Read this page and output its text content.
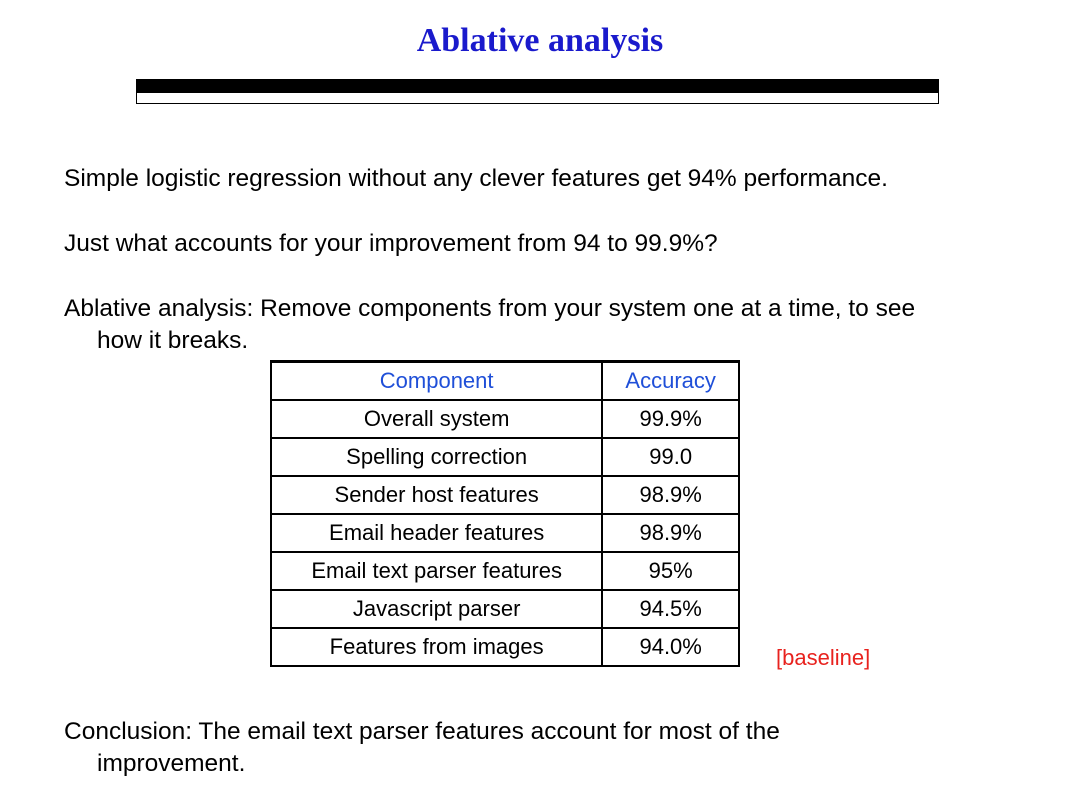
Ablative analysis

Simple logistic regression without any clever features get 94% performance.

Just what accounts for your improvement from 94 to 99.9%?

Ablative analysis: Remove components from your system one at a time, to see
how it breaks.

Component	Accuracy
Overall system	99.9%
Spelling correction	99.0
Sender host features	98.9%
Email header features	98.9%
Email text parser features	95%
Javascript parser	94.5%
Features from images	94.0%	[baseline]

Conclusion: The email text parser features account for most of the
improvement.
